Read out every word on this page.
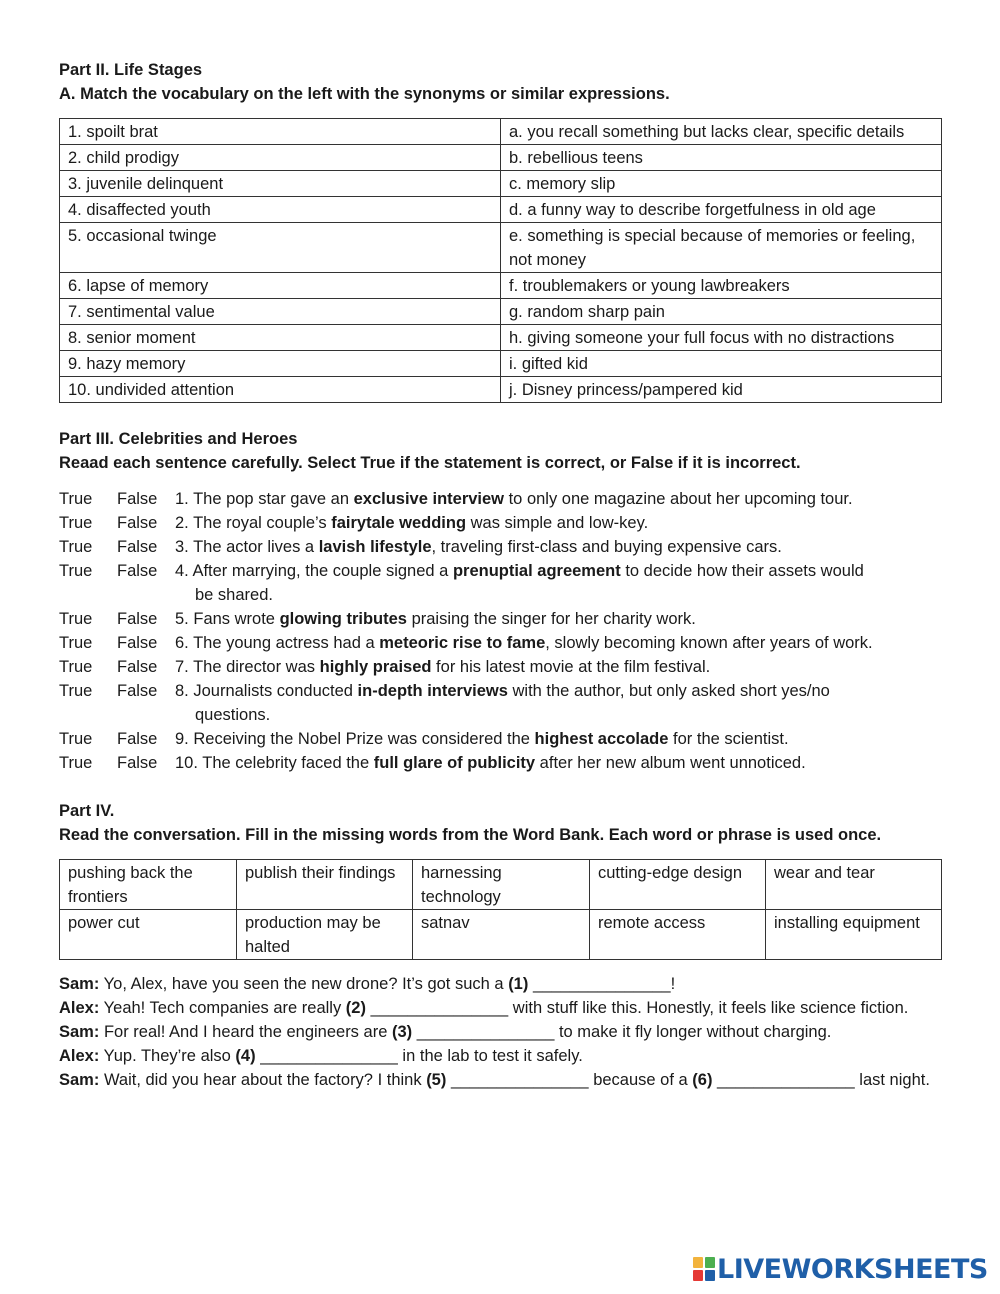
Part II. Life Stages

A. Match the vocabulary on the left with the synonyms or similar expressions.

1. spoilt brat	a. you recall something but lacks clear, specific details
2. child prodigy	b. rebellious teens
3. juvenile delinquent	c. memory slip
4. disaffected youth	d. a funny way to describe forgetfulness in old age
5. occasional twinge	e. something is special because of memories or feeling, not money
6. lapse of memory	f. troublemakers or young lawbreakers
7. sentimental value	g. random sharp pain
8. senior moment	h. giving someone your full focus with no distractions
9. hazy memory	i. gifted kid
10. undivided attention	j. Disney princess/pampered kid

Part III. Celebrities and Heroes

Reaad each sentence carefully. Select True if the statement is correct, or False if it is incorrect.

True	False	1. The pop star gave an exclusive interview to only one magazine about her upcoming tour.
True	False	2. The royal couple’s fairytale wedding was simple and low-key.
True	False	3. The actor lives a lavish lifestyle, traveling first-class and buying expensive cars.
True	False	4. After marrying, the couple signed a prenuptial agreement to decide how their assets would
be shared.
True	False	5. Fans wrote glowing tributes praising the singer for her charity work.
True	False	6. The young actress had a meteoric rise to fame, slowly becoming known after years of work.
True	False	7. The director was highly praised for his latest movie at the film festival.
True	False	8. Journalists conducted in-depth interviews with the author, but only asked short yes/no
questions.
True	False	9. Receiving the Nobel Prize was considered the highest accolade for the scientist.
True	False	10. The celebrity faced the full glare of publicity after her new album went unnoticed.

Part IV.

Read the conversation. Fill in the missing words from the Word Bank. Each word or phrase is used once.

pushing back the frontiers	publish their findings	harnessing technology	cutting-edge design	wear and tear
power cut	production may be halted	satnav	remote access	installing equipment

Sam: Yo, Alex, have you seen the new drone? It’s got such a (1) _______________!

Alex: Yeah! Tech companies are really (2) _______________ with stuff like this. Honestly, it feels like science fiction.

Sam: For real! And I heard the engineers are (3) _______________ to make it fly longer without charging.

Alex: Yup. They’re also (4) _______________ in the lab to test it safely.

Sam: Wait, did you hear about the factory? I think (5) _______________ because of a (6) _______________ last night.

LIVEWORKSHEETS
